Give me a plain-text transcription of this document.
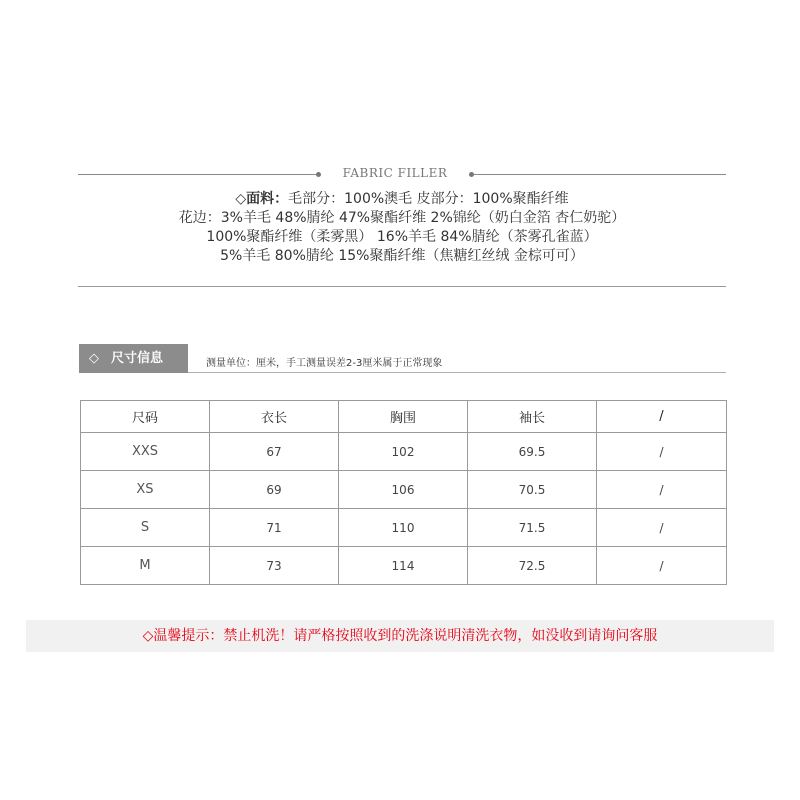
FABRIC FILLER
◇面料：毛部分：100%澳毛 皮部分：100%聚酯纤维
花边：3%羊毛 48%腈纶 47%聚酯纤维 2%锦纶（奶白金箔 杏仁奶驼）
100%聚酯纤维（柔雾黑） 16%羊毛 84%腈纶（茶雾孔雀蓝）
5%羊毛 80%腈纶 15%聚酯纤维（焦糖红丝绒 金棕可可）
◇ 尺寸信息	测量单位：厘米，手工测量误差2-3厘米属于正常现象
尺码	衣长	胸围	袖长	/
XXS	67	102	69.5	/
XS	69	106	70.5	/
S	71	110	71.5	/
M	73	114	72.5	/
◇温馨提示：禁止机洗！请严格按照收到的洗涤说明清洗衣物，如没收到请询问客服
